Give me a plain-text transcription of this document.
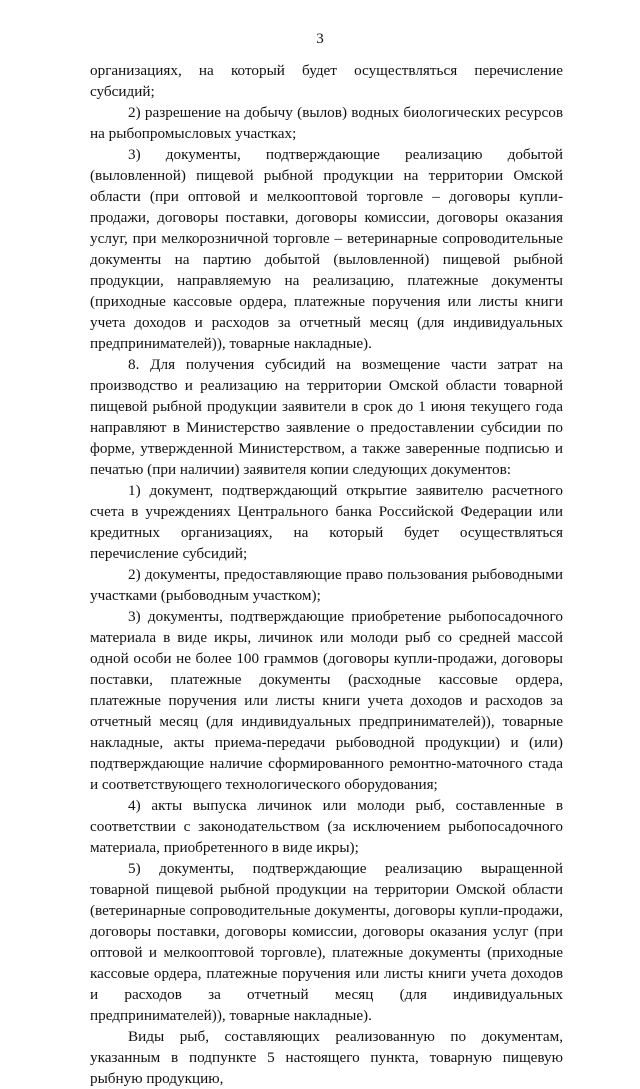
3

организациях, на который будет осуществляться перечисление субсидий;

2) разрешение на добычу (вылов) водных биологических ресурсов на рыбопромысловых участках;

3) документы, подтверждающие реализацию добытой (выловленной) пищевой рыбной продукции на территории Омской области (при оптовой и мелкооптовой торговле – договоры купли-продажи, договоры поставки, договоры комиссии, договоры оказания услуг, при мелкорозничной торговле – ветеринарные сопроводительные документы на партию добытой (выловленной) пищевой рыбной продукции, направляемую на реализацию, платежные документы (приходные кассовые ордера, платежные поручения или листы книги учета доходов и расходов за отчетный месяц (для индивидуальных предпринимателей)), товарные накладные).

8. Для получения субсидий на возмещение части затрат на производство и реализацию на территории Омской области товарной пищевой рыбной продукции заявители в срок до 1 июня текущего года направляют в Министерство заявление о предоставлении субсидии по форме, утвержденной Министерством, а также заверенные подписью и печатью (при наличии) заявителя копии следующих документов:

1) документ, подтверждающий открытие заявителю расчетного счета в учреждениях Центрального банка Российской Федерации или кредитных организациях, на который будет осуществляться перечисление субсидий;

2) документы, предоставляющие право пользования рыбоводными участками (рыбоводным участком);

3) документы, подтверждающие приобретение рыбопосадочного материала в виде икры, личинок или молоди рыб со средней массой одной особи не более 100 граммов (договоры купли-продажи, договоры поставки, платежные документы (расходные кассовые ордера, платежные поручения или листы книги учета доходов и расходов за отчетный месяц (для индивидуальных предпринимателей)), товарные накладные, акты приема-передачи рыбоводной продукции) и (или) подтверждающие наличие сформированного ремонтно-маточного стада и соответствующего технологического оборудования;

4) акты выпуска личинок или молоди рыб, составленные в соответствии с законодательством (за исключением рыбопосадочного материала, приобретенного в виде икры);

5) документы, подтверждающие реализацию выращенной товарной пищевой рыбной продукции на территории Омской области (ветеринарные сопроводительные документы, договоры купли-продажи, договоры поставки, договоры комиссии, договоры оказания услуг (при оптовой и мелкооптовой торговле), платежные документы (приходные кассовые ордера, платежные поручения или листы книги учета доходов и расходов за отчетный месяц (для индивидуальных предпринимателей)), товарные накладные).

Виды рыб, составляющих реализованную по документам, указанным в подпункте 5 настоящего пункта, товарную пищевую рыбную продукцию,
